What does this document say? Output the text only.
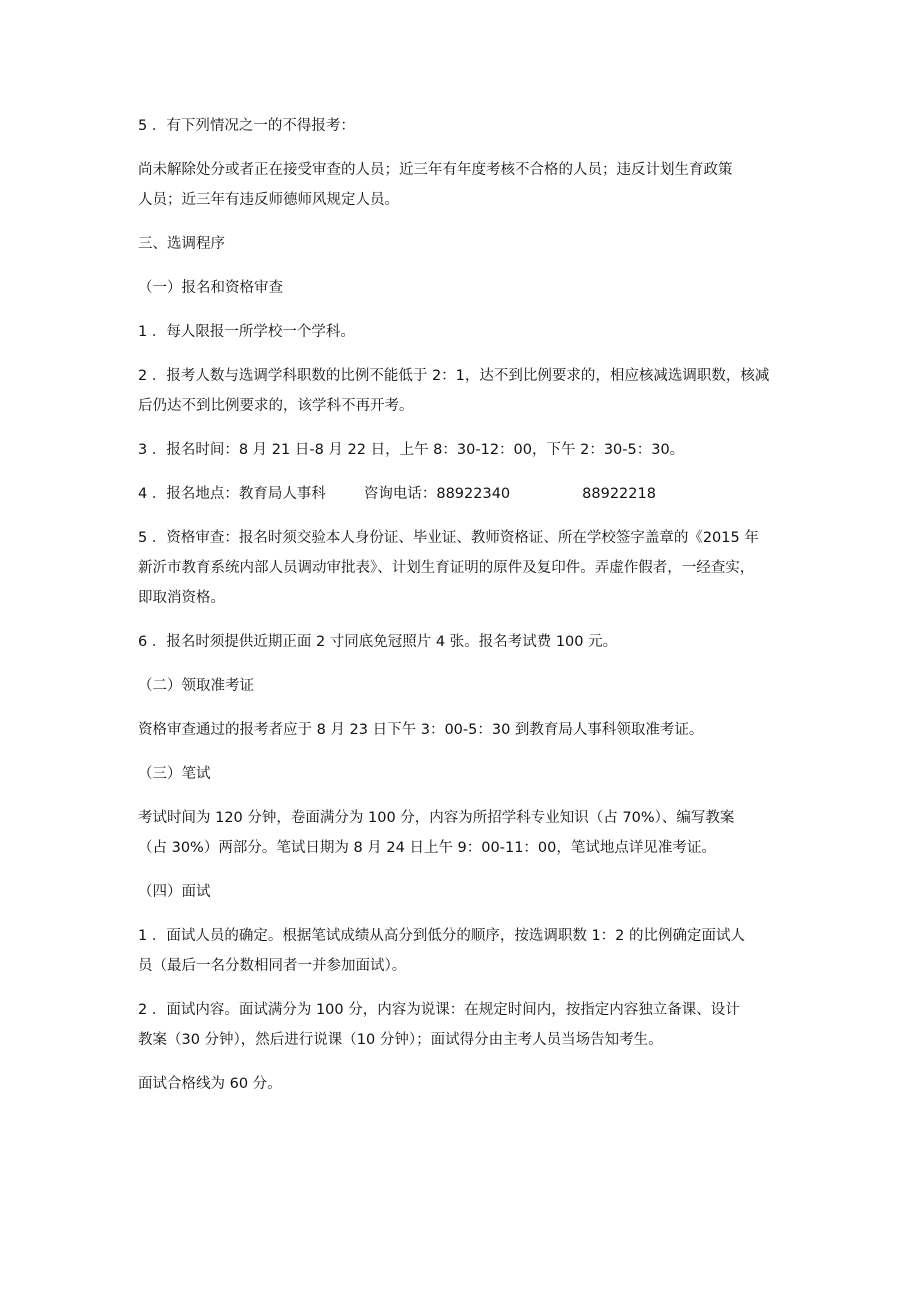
5 ．有下列情况之一的不得报考：
尚未解除处分或者正在接受审查的人员；近三年有年度考核不合格的人员；违反计划生育政策
人员；近三年有违反师德师风规定人员。
三、选调程序
（一）报名和资格审查
1 ．每人限报一所学校一个学科。
2 ．报考人数与选调学科职数的比例不能低于 2：1，达不到比例要求的，相应核减选调职数，核减
后仍达不到比例要求的，该学科不再开考。
3 ．报名时间：8 月 21 日-8 月 22 日，上午 8：30-12：00，下午 2：30-5：30。
4 ．报名地点：教育局人事科	咨询电话：88922340	88922218
5 ．资格审查：报名时须交验本人身份证、毕业证、教师资格证、所在学校签字盖章的《2015 年
新沂市教育系统内部人员调动审批表》、计划生育证明的原件及复印件。弄虚作假者，一经查实，
即取消资格。
6 ．报名时须提供近期正面 2 寸同底免冠照片 4 张。报名考试费 100 元。
（二）领取准考证
资格审查通过的报考者应于 8 月 23 日下午 3：00-5：30 到教育局人事科领取准考证。
（三）笔试
考试时间为 120 分钟，卷面满分为 100 分，内容为所招学科专业知识（占 70%）、编写教案
（占 30%）两部分。笔试日期为 8 月 24 日上午 9：00-11：00，笔试地点详见准考证。
（四）面试
1 ．面试人员的确定。根据笔试成绩从高分到低分的顺序，按选调职数 1：2 的比例确定面试人
员（最后一名分数相同者一并参加面试）。
2 ．面试内容。面试满分为 100 分，内容为说课：在规定时间内，按指定内容独立备课、设计
教案（30 分钟），然后进行说课（10 分钟）；面试得分由主考人员当场告知考生。
面试合格线为 60 分。
